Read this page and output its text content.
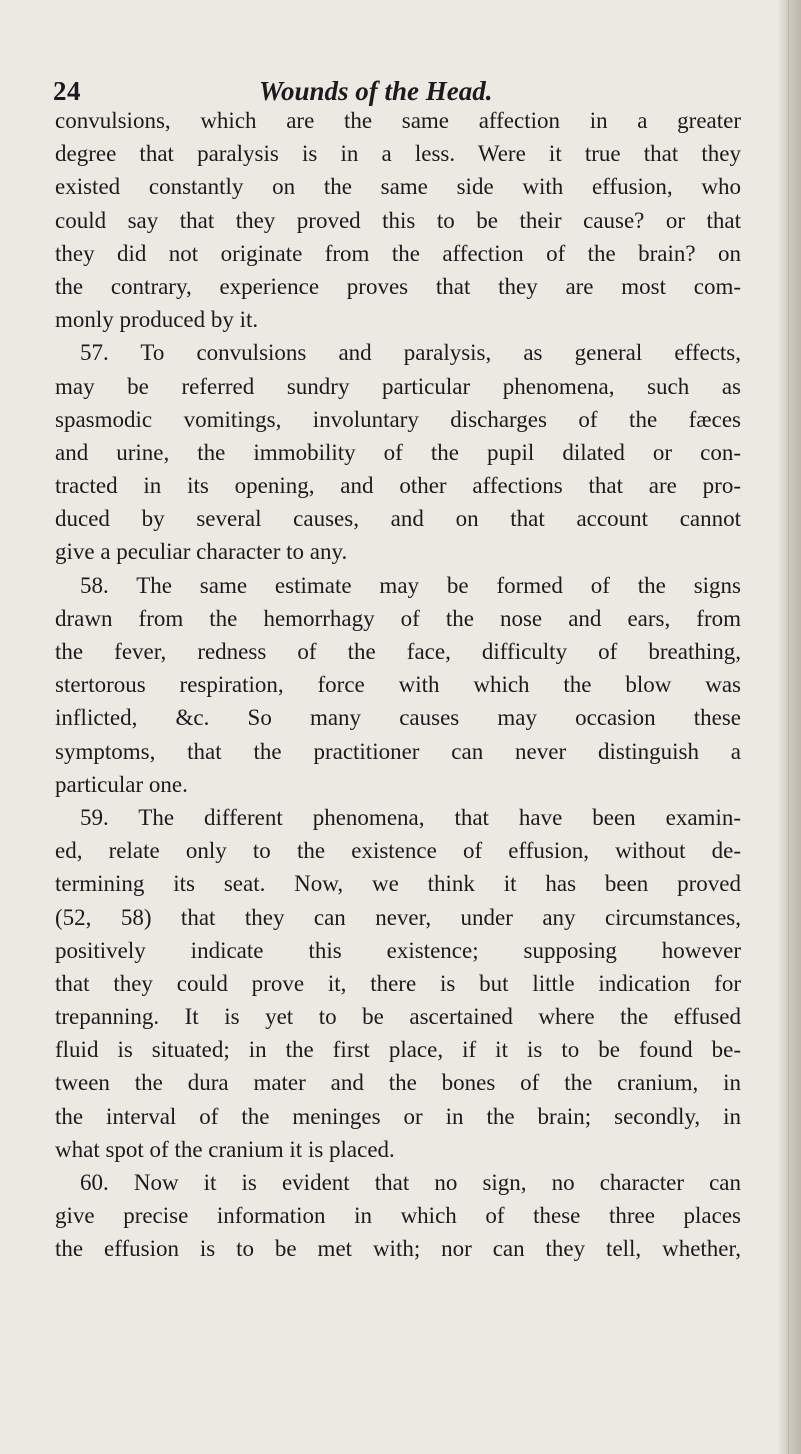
24	Wounds of the Head.
convulsions, which are the same affection in a greater
degree that paralysis is in a less. Were it true that they
existed constantly on the same side with effusion, who
could say that they proved this to be their cause? or that
they did not originate from the affection of the brain? on
the contrary, experience proves that they are most com-
monly produced by it.
57. To convulsions and paralysis, as general effects,
may be referred sundry particular phenomena, such as
spasmodic vomitings, involuntary discharges of the fæces
and urine, the immobility of the pupil dilated or con-
tracted in its opening, and other affections that are pro-
duced by several causes, and on that account cannot
give a peculiar character to any.
58. The same estimate may be formed of the signs
drawn from the hemorrhagy of the nose and ears, from
the fever, redness of the face, difficulty of breathing,
stertorous respiration, force with which the blow was
inflicted, &c. So many causes may occasion these
symptoms, that the practitioner can never distinguish a
particular one.
59. The different phenomena, that have been examin-
ed, relate only to the existence of effusion, without de-
termining its seat. Now, we think it has been proved
(52, 58) that they can never, under any circumstances,
positively indicate this existence; supposing however
that they could prove it, there is but little indication for
trepanning. It is yet to be ascertained where the effused
fluid is situated; in the first place, if it is to be found be-
tween the dura mater and the bones of the cranium, in
the interval of the meninges or in the brain; secondly, in
what spot of the cranium it is placed.
60. Now it is evident that no sign, no character can
give precise information in which of these three places
the effusion is to be met with; nor can they tell, whether,
